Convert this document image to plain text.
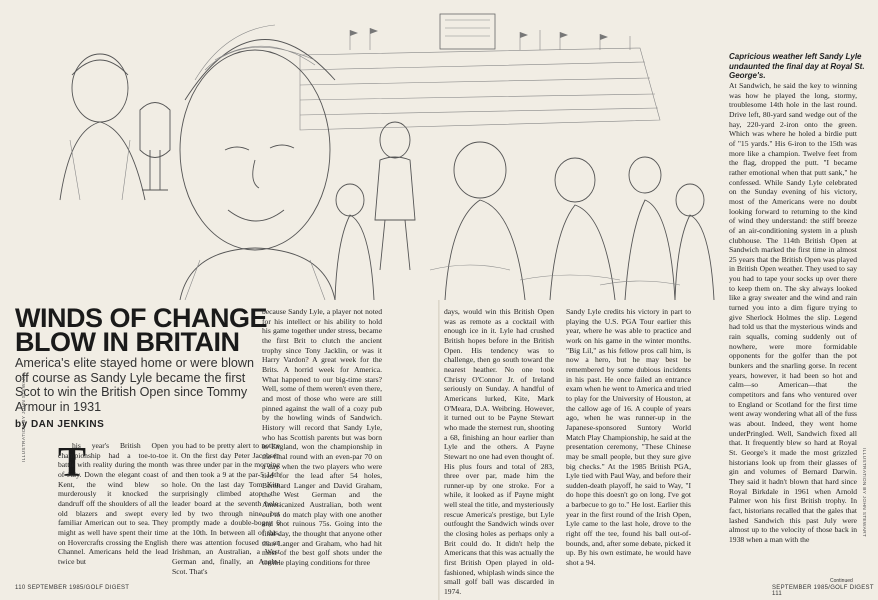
WINDS OF CHANGE
BLOW IN BRITAIN

America's elite stayed home or were blown off course as Sandy Lyle became the first Scot to win the British Open since Tommy Armour in 1931

by DAN JENKINS

ILLUSTRATION BY JOHN STEWART
ILLUSTRATION BY JOHN STEWART
T

his year's British Open championship had a toe-to-toe battle with reality during the month of July. Down the elegant coast of Kent, the wind blew so murderously it knocked the dandruff off the shoulders of all the old blazers and swept every familiar American out to sea. They might as well have spent their time on Hovercrafts crossing the English Channel. Americans held the lead twice but

you had to be pretty alert to notice it. On the first day Peter Jacobsen was three under par in the morning and then took a 9 at the par-5 14th hole. On the last day Tom Kite surprisingly climbed atop the leader board at the seventh hole, led by two through nine, but promptly made a double-bogey 6 at the 10th. In between all of this, there was attention focused on an Irishman, an Australian, a West German and, finally, an Anglo-Scot. That's

because Sandy Lyle, a player not noted for his intellect or his ability to hold his game together under stress, became the first Brit to clutch the ancient trophy since Tony Jacklin, or was it Harry Vardon? A great week for the Brits. A horrid week for America. What happened to our big-time stars? Well, some of them weren't even there, and most of those who were are still pinned against the wall of a cozy pub by the howling winds of Sandwich. History will record that Sandy Lyle, who has Scottish parents but was born in England, won the championship in the final round with an even-par 70 on a day when the two players who were tied for the lead after 54 holes, Bernhard Langer and David Graham, the West German and the Americanized Australian, both went out to do match play with one another and shot ruinous 75s. Going into the final day, the thought that anyone other than Langer and Graham, who had hit most of the best golf shots under the terrible playing conditions for three

days, would win this British Open was as remote as a cocktail with enough ice in it. Lyle had crushed British hopes before in the British Open. His tendency was to challenge, then go south toward the nearest heather. No one took Christy O'Connor Jr. of Ireland seriously on Sunday. A handful of Americans lurked, Kite, Mark O'Meara, D.A. Weibring. However, it turned out to be Payne Stewart who made the sternest run, shooting a 68, finishing an hour earlier than Lyle and the others. A Payne Stewart no one had even thought of. His plus fours and total of 283, three over par, made him the runner-up by one stroke. For a while, it looked as if Payne might well steal the title, and mysteriously rescue America's prestige, but Lyle outfought the Sandwich winds over the closing holes as perhaps only a Brit could do. It didn't help the Americans that this was actually the first British Open played in old-fashioned, whiplash winds since the small golf ball was discarded in 1974.

Sandy Lyle credits his victory in part to playing the U.S. PGA Tour earlier this year, where he was able to practice and work on his game in the winter months. "Big Lil," as his fellow pros call him, is now a hero, but he may best be remembered by some dubious incidents in his past. He once failed an entrance exam when he went to America and tried to play for the University of Houston, at the callow age of 16. A couple of years ago, when he was runner-up in the Japanese-sponsored Suntory World Match Play Championship, he said at the presentation ceremony, "These Chinese may be small people, but they sure give big checks." At the 1985 British PGA, Lyle tied with Paul Way, and before their sudden-death playoff, he said to Way, "I do hope this doesn't go on long. I've got a barbecue to go to." He lost. Earlier this year in the first round of the Irish Open, Lyle came to the last hole, drove to the right off the tee, found his ball out-of-bounds, and, after some debate, picked it up. By his own estimate, he would have shot a 94.

Capricious weather left Sandy Lyle undaunted the final day at Royal St. George's.

At Sandwich, he said the key to winning was how he played the long, stormy, troublesome 14th hole in the last round. Drive left, 80-yard sand wedge out of the hay, 220-yard 2-iron onto the green. Which was where he holed a birdie putt of "15 yards." His 6-iron to the 15th was more like a champion. Twelve feet from the flag, dropped the putt. "I became rather emotional when that putt sank," he confessed. While Sandy Lyle celebrated on the Sunday evening of his victory, most of the Americans were no doubt looking forward to returning to the kind of wind they understand: the stiff breeze of an air-conditioning system in a plush clubhouse. The 114th British Open at Sandwich marked the first time in almost 25 years that the British Open was played in British Open weather. They used to say you had to tape your socks up over there to keep them on. The sky always looked like a gray sweater and the wind and rain turned you into a dim figure trying to give Sherlock Holmes the slip. Legend had told us that the mysterious winds and rain squalls, coming suddenly out of nowhere, were more formidable opponents for the golfer than the pot bunkers and the snarling gorse. In recent years, however, it had been so hot and calm—so American—that the competitors and fans who ventured over to England or Scotland for the first time went away wondering what all of the fuss was about. Indeed, they went home underPringled. Well, Sandwich fixed all that. It frequently blew so hard at Royal St. George's it made the most grizzled historians look up from their glasses of gin and volumes of Bernard Darwin. They said it hadn't blown that hard since Royal Birkdale in 1961 when Arnold Palmer won his first British trophy. In fact, historians recalled that the gales that lashed Sandwich this past July were almost up to the velocity of those back in 1938 when a man with the

Continued
110 SEPTEMBER 1985/GOLF DIGEST	SEPTEMBER 1985/GOLF DIGEST 111
